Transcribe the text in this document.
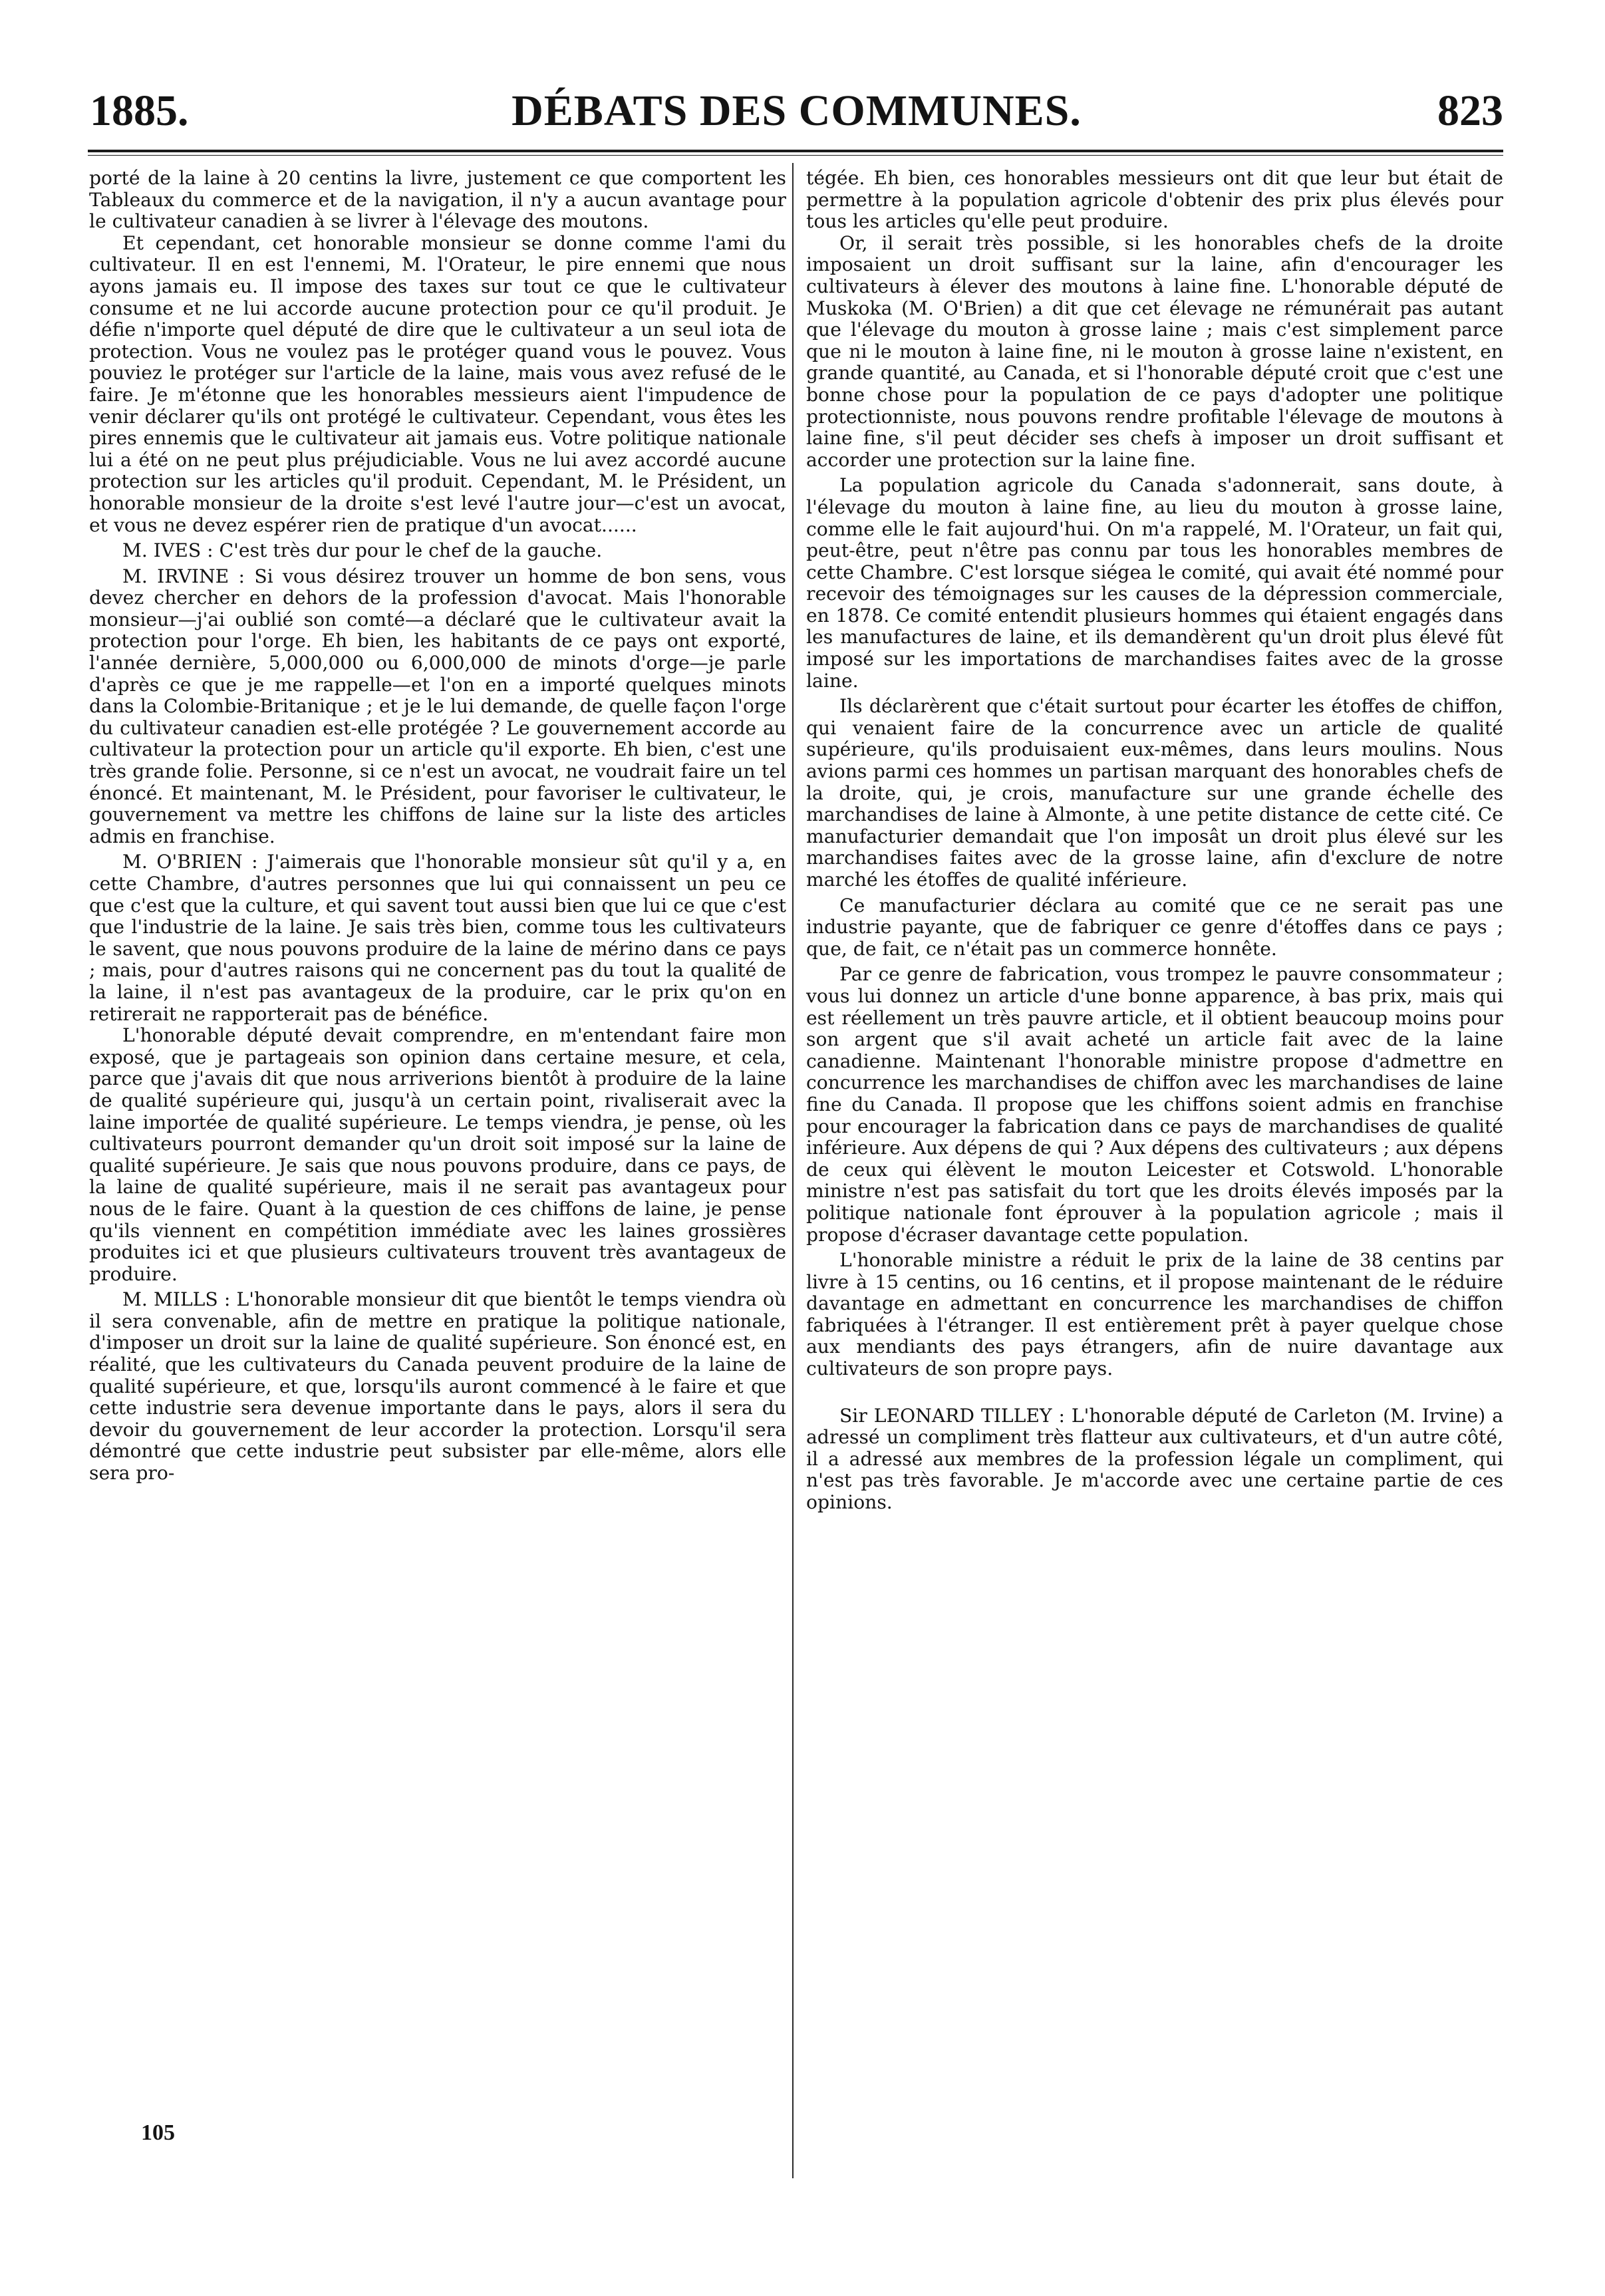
1885.	DÉBATS DES COMMUNES.	823

porté de la laine à 20 centins la livre, justement ce que comportent les Tableaux du commerce et de la navigation, il n'y a aucun avantage pour le cultivateur canadien à se livrer à l'élevage des moutons.

Et cependant, cet honorable monsieur se donne comme l'ami du cultivateur. Il en est l'ennemi, M. l'Orateur, le pire ennemi que nous ayons jamais eu. Il impose des taxes sur tout ce que le cultivateur consume et ne lui accorde aucune protection pour ce qu'il produit. Je défie n'importe quel député de dire que le cultivateur a un seul iota de protection. Vous ne voulez pas le protéger quand vous le pouvez. Vous pouviez le protéger sur l'article de la laine, mais vous avez refusé de le faire. Je m'étonne que les honorables messieurs aient l'impudence de venir déclarer qu'ils ont protégé le cultivateur. Cependant, vous êtes les pires ennemis que le cultivateur ait jamais eus. Votre politique nationale lui a été on ne peut plus préjudiciable. Vous ne lui avez accordé aucune protection sur les articles qu'il produit. Cependant, M. le Président, un honorable monsieur de la droite s'est levé l'autre jour—c'est un avocat, et vous ne devez espérer rien de pratique d'un avocat......

M. IVES : C'est très dur pour le chef de la gauche.

M. IRVINE : Si vous désirez trouver un homme de bon sens, vous devez chercher en dehors de la profession d'avocat. Mais l'honorable monsieur—j'ai oublié son comté—a déclaré que le cultivateur avait la protection pour l'orge. Eh bien, les habitants de ce pays ont exporté, l'année dernière, 5,000,000 ou 6,000,000 de minots d'orge—je parle d'après ce que je me rappelle—et l'on en a importé quelques minots dans la Colombie-Britanique ; et je le lui demande, de quelle façon l'orge du cultivateur canadien est-elle protégée ? Le gouvernement accorde au cultivateur la protection pour un article qu'il exporte. Eh bien, c'est une très grande folie. Personne, si ce n'est un avocat, ne voudrait faire un tel énoncé. Et maintenant, M. le Président, pour favoriser le cultivateur, le gouvernement va mettre les chiffons de laine sur la liste des articles admis en franchise.

M. O'BRIEN : J'aimerais que l'honorable monsieur sût qu'il y a, en cette Chambre, d'autres personnes que lui qui connaissent un peu ce que c'est que la culture, et qui savent tout aussi bien que lui ce que c'est que l'industrie de la laine. Je sais très bien, comme tous les cultivateurs le savent, que nous pouvons produire de la laine de mérino dans ce pays ; mais, pour d'autres raisons qui ne concernent pas du tout la qualité de la laine, il n'est pas avantageux de la produire, car le prix qu'on en retirerait ne rapporterait pas de bénéfice.

L'honorable député devait comprendre, en m'entendant faire mon exposé, que je partageais son opinion dans certaine mesure, et cela, parce que j'avais dit que nous arriverions bientôt à produire de la laine de qualité supérieure qui, jusqu'à un certain point, rivaliserait avec la laine importée de qualité supérieure. Le temps viendra, je pense, où les cultivateurs pourront demander qu'un droit soit imposé sur la laine de qualité supérieure. Je sais que nous pouvons produire, dans ce pays, de la laine de qualité supérieure, mais il ne serait pas avantageux pour nous de le faire. Quant à la question de ces chiffons de laine, je pense qu'ils viennent en compétition immédiate avec les laines grossières produites ici et que plusieurs cultivateurs trouvent très avantageux de produire.

M. MILLS : L'honorable monsieur dit que bientôt le temps viendra où il sera convenable, afin de mettre en pratique la politique nationale, d'imposer un droit sur la laine de qualité supérieure. Son énoncé est, en réalité, que les cultivateurs du Canada peuvent produire de la laine de qualité supérieure, et que, lorsqu'ils auront commencé à le faire et que cette industrie sera devenue importante dans le pays, alors il sera du devoir du gouvernement de leur accorder la protection. Lorsqu'il sera démontré que cette industrie peut subsister par elle-même, alors elle sera pro-

tégée. Eh bien, ces honorables messieurs ont dit que leur but était de permettre à la population agricole d'obtenir des prix plus élevés pour tous les articles qu'elle peut produire.

Or, il serait très possible, si les honorables chefs de la droite imposaient un droit suffisant sur la laine, afin d'encourager les cultivateurs à élever des moutons à laine fine. L'honorable député de Muskoka (M. O'Brien) a dit que cet élevage ne rémunérait pas autant que l'élevage du mouton à grosse laine ; mais c'est simplement parce que ni le mouton à laine fine, ni le mouton à grosse laine n'existent, en grande quantité, au Canada, et si l'honorable député croit que c'est une bonne chose pour la population de ce pays d'adopter une politique protectionniste, nous pouvons rendre profitable l'élevage de moutons à laine fine, s'il peut décider ses chefs à imposer un droit suffisant et accorder une protection sur la laine fine.

La population agricole du Canada s'adonnerait, sans doute, à l'élevage du mouton à laine fine, au lieu du mouton à grosse laine, comme elle le fait aujourd'hui. On m'a rappelé, M. l'Orateur, un fait qui, peut-être, peut n'être pas connu par tous les honorables membres de cette Chambre. C'est lorsque siégea le comité, qui avait été nommé pour recevoir des témoignages sur les causes de la dépression commerciale, en 1878. Ce comité entendit plusieurs hommes qui étaient engagés dans les manufactures de laine, et ils demandèrent qu'un droit plus élevé fût imposé sur les importations de marchandises faites avec de la grosse laine.

Ils déclarèrent que c'était surtout pour écarter les étoffes de chiffon, qui venaient faire de la concurrence avec un article de qualité supérieure, qu'ils produisaient eux-mêmes, dans leurs moulins. Nous avions parmi ces hommes un partisan marquant des honorables chefs de la droite, qui, je crois, manufacture sur une grande échelle des marchandises de laine à Almonte, à une petite distance de cette cité. Ce manufacturier demandait que l'on imposât un droit plus élevé sur les marchandises faites avec de la grosse laine, afin d'exclure de notre marché les étoffes de qualité inférieure.

Ce manufacturier déclara au comité que ce ne serait pas une industrie payante, que de fabriquer ce genre d'étoffes dans ce pays ; que, de fait, ce n'était pas un commerce honnête.

Par ce genre de fabrication, vous trompez le pauvre consommateur ; vous lui donnez un article d'une bonne apparence, à bas prix, mais qui est réellement un très pauvre article, et il obtient beaucoup moins pour son argent que s'il avait acheté un article fait avec de la laine canadienne. Maintenant l'honorable ministre propose d'admettre en concurrence les marchandises de chiffon avec les marchandises de laine fine du Canada. Il propose que les chiffons soient admis en franchise pour encourager la fabrication dans ce pays de marchandises de qualité inférieure. Aux dépens de qui ? Aux dépens des cultivateurs ; aux dépens de ceux qui élèvent le mouton Leicester et Cotswold. L'honorable ministre n'est pas satisfait du tort que les droits élevés imposés par la politique nationale font éprouver à la population agricole ; mais il propose d'écraser davantage cette population.

L'honorable ministre a réduit le prix de la laine de 38 centins par livre à 15 centins, ou 16 centins, et il propose maintenant de le réduire davantage en admettant en concurrence les marchandises de chiffon fabriquées à l'étranger. Il est entièrement prêt à payer quelque chose aux mendiants des pays étrangers, afin de nuire davantage aux cultivateurs de son propre pays.

Sir LEONARD TILLEY : L'honorable député de Carleton (M. Irvine) a adressé un compliment très flatteur aux cultivateurs, et d'un autre côté, il a adressé aux membres de la profession légale un compliment, qui n'est pas très favorable. Je m'accorde avec une certaine partie de ces opinions.

105
